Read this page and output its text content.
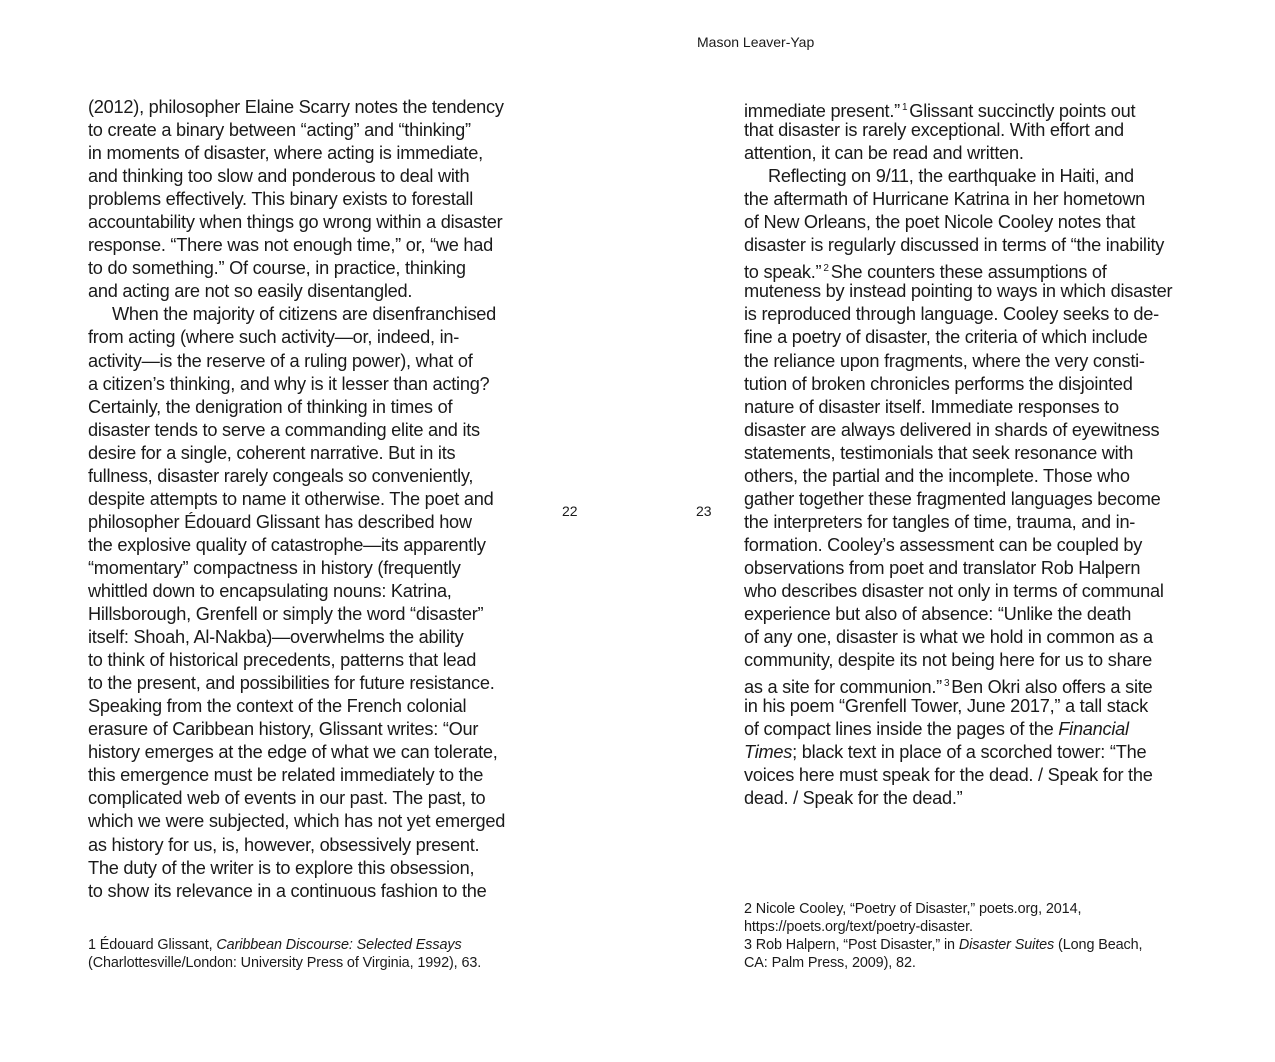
Mason Leaver-Yap
(2012), philosopher Elaine Scarry notes the tendency
to create a binary between “acting” and “thinking”
in moments of disaster, where acting is immediate,
and thinking too slow and ponderous to deal with
problems effectively. This binary exists to forestall
accountability when things go wrong within a disaster
response. “There was not enough time,” or, “we had
to do something.” Of course, in practice, thinking
and acting are not so easily disentangled.
When the majority of citizens are disenfranchised
from acting (where such activity—or, indeed, in-
activity—is the reserve of a ruling power), what of
a citizen’s thinking, and why is it lesser than acting?
Certainly, the denigration of thinking in times of
disaster tends to serve a commanding elite and its
desire for a single, coherent narrative. But in its
fullness, disaster rarely congeals so conveniently,
despite attempts to name it otherwise. The poet and
philosopher Édouard Glissant has described how
the explosive quality of catastrophe—its apparently
“momentary” compactness in history (frequently
whittled down to encapsulating nouns: Katrina,
Hillsborough, Grenfell or simply the word “disaster”
itself: Shoah, Al-Nakba)—overwhelms the ability
to think of historical precedents, patterns that lead
to the present, and possibilities for future resistance.
Speaking from the context of the French colonial
erasure of Caribbean history, Glissant writes: “Our
history emerges at the edge of what we can tolerate,
this emergence must be related immediately to the
complicated web of events in our past. The past, to
which we were subjected, which has not yet emerged
as history for us, is, however, obsessively present.
The duty of the writer is to explore this obsession,
to show its relevance in a continuous fashion to the
22	23
immediate present.” $^1$ Glissant succinctly points out
that disaster is rarely exceptional. With effort and
attention, it can be read and written.
Reflecting on 9/11, the earthquake in Haiti, and
the aftermath of Hurricane Katrina in her hometown
of New Orleans, the poet Nicole Cooley notes that
disaster is regularly discussed in terms of “the inability
to speak.” $^2$ She counters these assumptions of
muteness by instead pointing to ways in which disaster
is reproduced through language. Cooley seeks to de-
fine a poetry of disaster, the criteria of which include
the reliance upon fragments, where the very consti-
tution of broken chronicles performs the disjointed
nature of disaster itself. Immediate responses to
disaster are always delivered in shards of eyewitness
statements, testimonials that seek resonance with
others, the partial and the incomplete. Those who
gather together these fragmented languages become
the interpreters for tangles of time, trauma, and in-
formation. Cooley’s assessment can be coupled by
observations from poet and translator Rob Halpern
who describes disaster not only in terms of communal
experience but also of absence: “Unlike the death
of any one, disaster is what we hold in common as a
community, despite its not being here for us to share
as a site for communion.” $^3$ Ben Okri also offers a site
in his poem “Grenfell Tower, June 2017,” a tall stack
of compact lines inside the pages of the Financial
Times; black text in place of a scorched tower: “The
voices here must speak for the dead. / Speak for the
dead. / Speak for the dead.”
1 Édouard Glissant, Caribbean Discourse: Selected Essays
(Charlottesville/London: University Press of Virginia, 1992), 63.
2 Nicole Cooley, “Poetry of Disaster,” poets.org, 2014,
https://poets.org/text/poetry-disaster.
3 Rob Halpern, “Post Disaster,” in Disaster Suites (Long Beach,
CA: Palm Press, 2009), 82.
